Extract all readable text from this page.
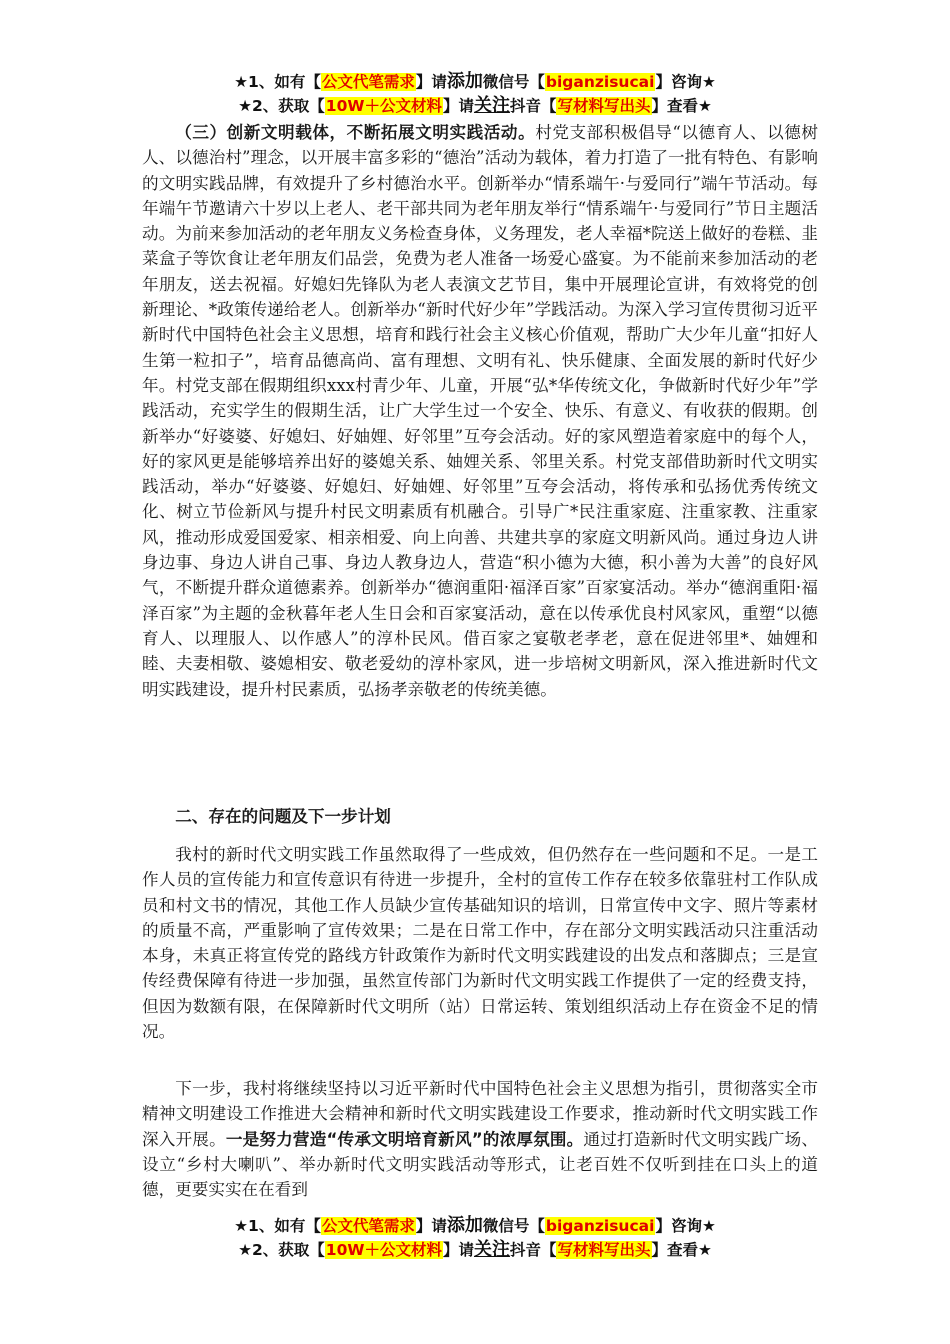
★1、如有【公文代笔需求】请添加微信号【biganzisucai】咨询★
★2、获取【10W＋公文材料】请关注抖音【写材料写出头】查看★

（三）创新文明载体，不断拓展文明实践活动。村党支部积极倡导“以德育人、以德树人、以德治村”理念，以开展丰富多彩的“德治”活动为载体，着力打造了一批有特色、有影响的文明实践品牌，有效提升了乡村德治水平。创新举办“情系端午·与爱同行”端午节活动。每年端午节邀请六十岁以上老人、老干部共同为老年朋友举行“情系端午·与爱同行”节日主题活动。为前来参加活动的老年朋友义务检查身体，义务理发，老人幸福*院送上做好的卷糕、韭菜盒子等饮食让老年朋友们品尝，免费为老人准备一场爱心盛宴。为不能前来参加活动的老年朋友，送去祝福。好媳妇先锋队为老人表演文艺节目，集中开展理论宣讲，有效将党的创新理论、*政策传递给老人。创新举办“新时代好少年”学践活动。为深入学习宣传贯彻习近平新时代中国特色社会主义思想，培育和践行社会主义核心价值观，帮助广大少年儿童“扣好人生第一粒扣子”，培育品德高尚、富有理想、文明有礼、快乐健康、全面发展的新时代好少年。村党支部在假期组织xxx村青少年、儿童，开展“弘*华传统文化，争做新时代好少年”学践活动，充实学生的假期生活，让广大学生过一个安全、快乐、有意义、有收获的假期。创新举办“好婆婆、好媳妇、好妯娌、好邻里”互夸会活动。好的家风塑造着家庭中的每个人，好的家风更是能够培养出好的婆媳关系、妯娌关系、邻里关系。村党支部借助新时代文明实践活动，举办“好婆婆、好媳妇、好妯娌、好邻里”互夸会活动，将传承和弘扬优秀传统文化、树立节俭新风与提升村民文明素质有机融合。引导广*民注重家庭、注重家教、注重家风，推动形成爱国爱家、相亲相爱、向上向善、共建共享的家庭文明新风尚。通过身边人讲身边事、身边人讲自己事、身边人教身边人，营造“积小德为大德，积小善为大善”的良好风气，不断提升群众道德素养。创新举办“德润重阳·福泽百家”百家宴活动。举办“德润重阳·福泽百家”为主题的金秋暮年老人生日会和百家宴活动，意在以传承优良村风家风，重塑“以德育人、以理服人、以作感人”的淳朴民风。借百家之宴敬老孝老，意在促进邻里*、妯娌和睦、夫妻相敬、婆媳相安、敬老爱幼的淳朴家风，进一步培树文明新风，深入推进新时代文明实践建设，提升村民素质，弘扬孝亲敬老的传统美德。

二、存在的问题及下一步计划

我村的新时代文明实践工作虽然取得了一些成效，但仍然存在一些问题和不足。一是工作人员的宣传能力和宣传意识有待进一步提升，全村的宣传工作存在较多依靠驻村工作队成员和村文书的情况，其他工作人员缺少宣传基础知识的培训，日常宣传中文字、照片等素材的质量不高，严重影响了宣传效果；二是在日常工作中，存在部分文明实践活动只注重活动本身，未真正将宣传党的路线方针政策作为新时代文明实践建设的出发点和落脚点；三是宣传经费保障有待进一步加强，虽然宣传部门为新时代文明实践工作提供了一定的经费支持，但因为数额有限，在保障新时代文明所（站）日常运转、策划组织活动上存在资金不足的情况。

下一步，我村将继续坚持以习近平新时代中国特色社会主义思想为指引，贯彻落实全市精神文明建设工作推进大会精神和新时代文明实践建设工作要求，推动新时代文明实践工作深入开展。一是努力营造“传承文明培育新风”的浓厚氛围。通过打造新时代文明实践广场、设立“乡村大喇叭”、举办新时代文明实践活动等形式，让老百姓不仅听到挂在口头上的道德，更要实实在在看到

★1、如有【公文代笔需求】请添加微信号【biganzisucai】咨询★
★2、获取【10W＋公文材料】请关注抖音【写材料写出头】查看★
